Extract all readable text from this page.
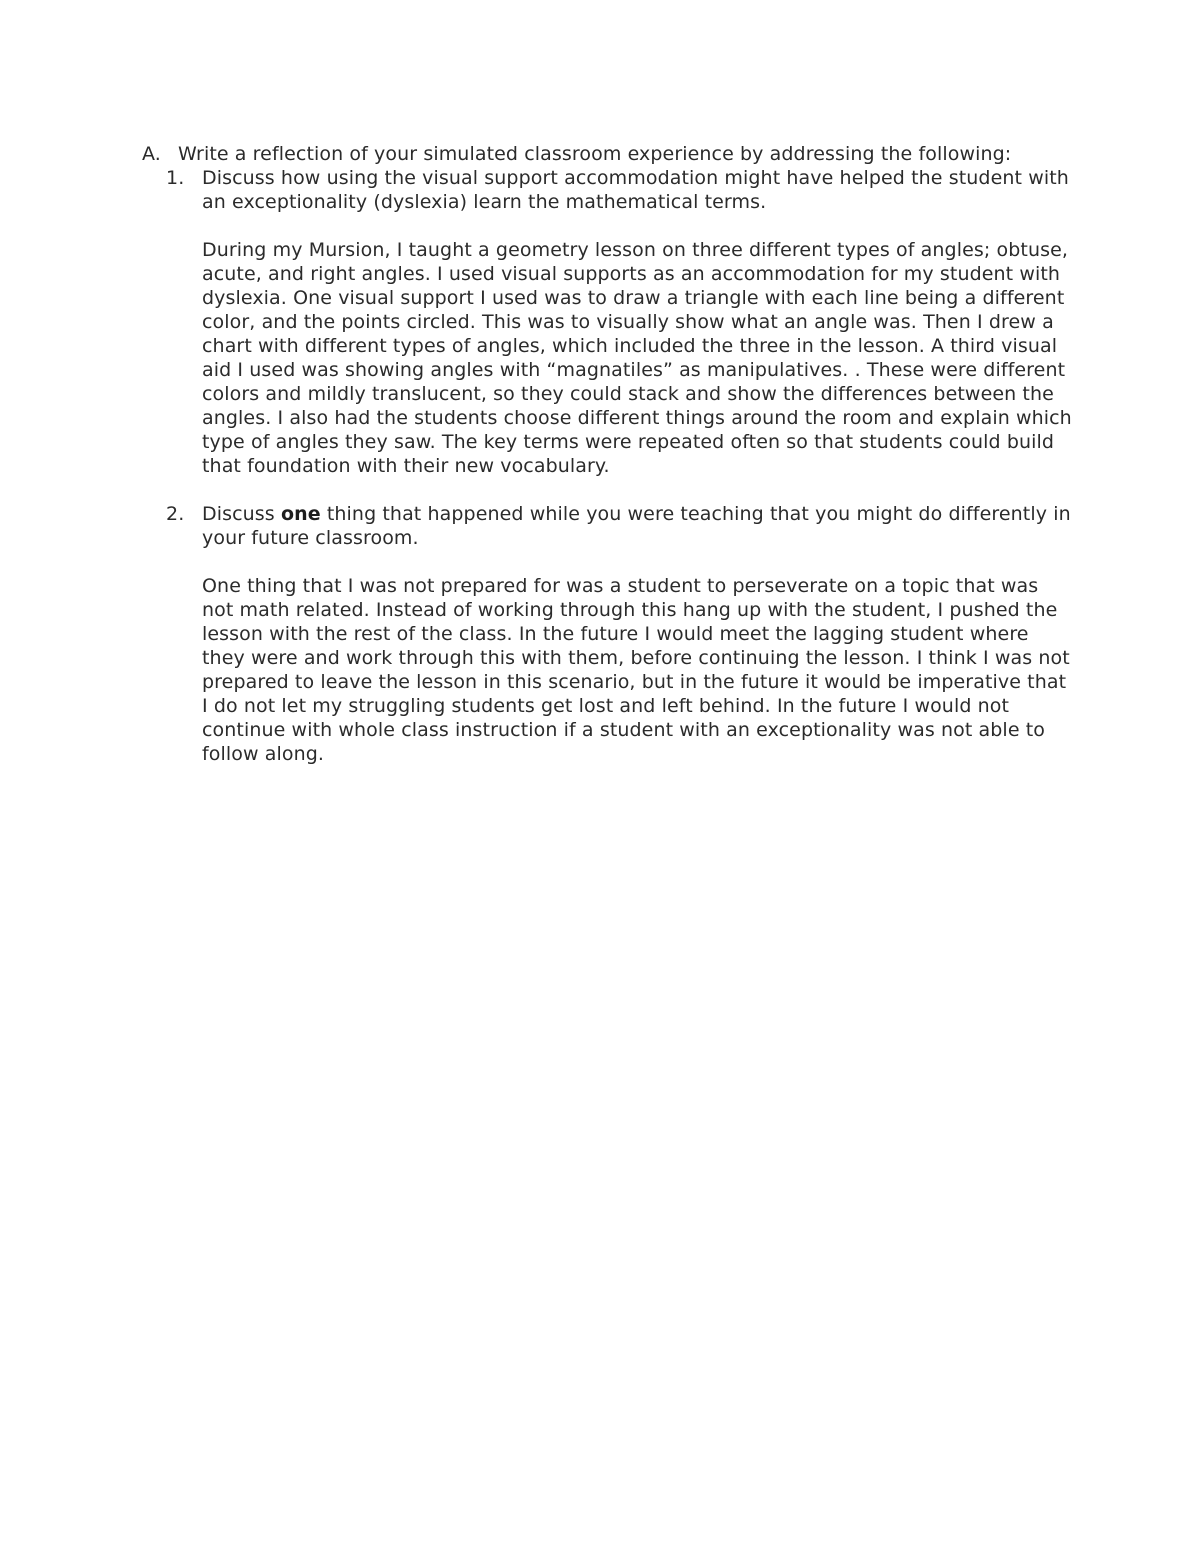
A. Write a reflection of your simulated classroom experience by addressing the following:

1. Discuss how using the visual support accommodation might have helped the student with an exceptionality (dyslexia) learn the mathematical terms.

During my Mursion, I taught a geometry lesson on three different types of angles; obtuse, acute, and right angles. I used visual supports as an accommodation for my student with dyslexia. One visual support I used was to draw a triangle with each line being a different color, and the points circled. This was to visually show what an angle was. Then I drew a chart with different types of angles, which included the three in the lesson. A third visual aid I used was showing angles with “magnatiles” as manipulatives. . These were different colors and mildly translucent, so they could stack and show the differences between the angles. I also had the students choose different things around the room and explain which type of angles they saw. The key terms were repeated often so that students could build that foundation with their new vocabulary.

2. Discuss one thing that happened while you were teaching that you might do differently in your future classroom.

One thing that I was not prepared for was a student to perseverate on a topic that was not math related. Instead of working through this hang up with the student, I pushed the lesson with the rest of the class. In the future I would meet the lagging student where they were and work through this with them, before continuing the lesson. I think I was not prepared to leave the lesson in this scenario, but in the future it would be imperative that I do not let my struggling students get lost and left behind. In the future I would not continue with whole class instruction if a student with an exceptionality was not able to follow along.
